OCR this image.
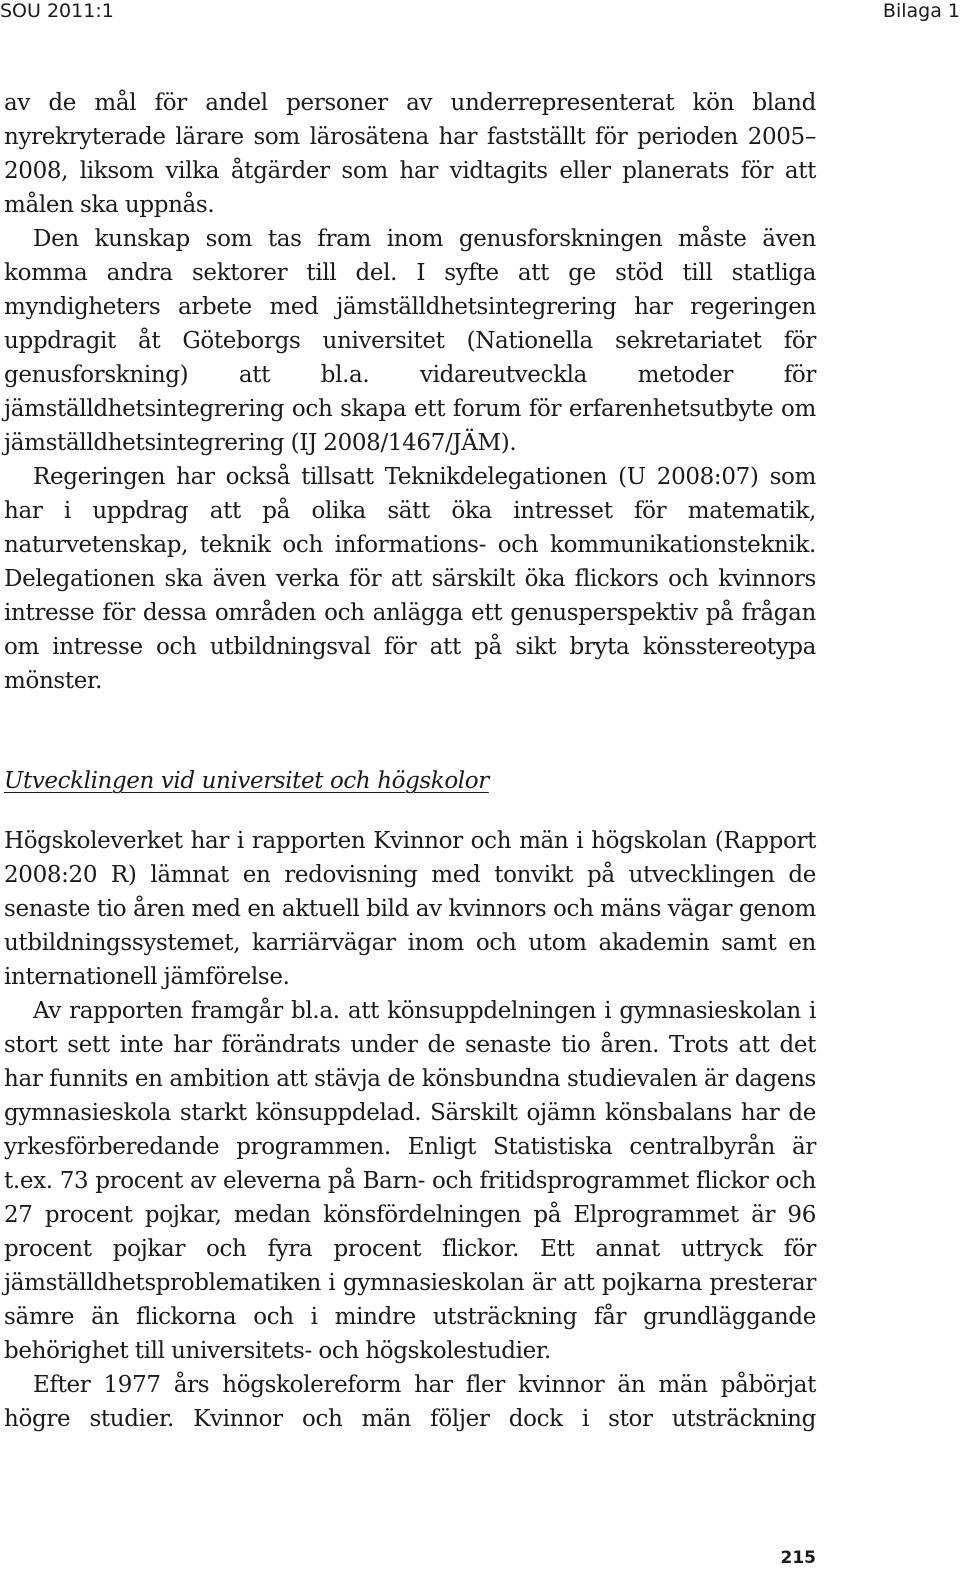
SOU 2011:1	Bilaga 1

av de mål för andel personer av underrepresenterat kön bland nyrekryterade lärare som lärosätena har fastställt för perioden 2005–2008, liksom vilka åtgärder som har vidtagits eller planerats för att målen ska uppnås.

Den kunskap som tas fram inom genusforskningen måste även komma andra sektorer till del. I syfte att ge stöd till statliga myndigheters arbete med jämställdhetsintegrering har regeringen uppdragit åt Göteborgs universitet (Nationella sekretariatet för genusforskning) att bl.a. vidareutveckla metoder för jämställdhetsintegrering och skapa ett forum för erfarenhetsutbyte om jämställdhetsintegrering (IJ 2008/1467/JÄM).

Regeringen har också tillsatt Teknikdelegationen (U 2008:07) som har i uppdrag att på olika sätt öka intresset för matematik, naturvetenskap, teknik och informations- och kommunikationsteknik. Delegationen ska även verka för att särskilt öka flickors och kvinnors intresse för dessa områden och anlägga ett genusperspektiv på frågan om intresse och utbildningsval för att på sikt bryta könsstereotypa mönster.

Utvecklingen vid universitet och högskolor

Högskoleverket har i rapporten Kvinnor och män i högskolan (Rapport 2008:20 R) lämnat en redovisning med tonvikt på utvecklingen de senaste tio åren med en aktuell bild av kvinnors och mäns vägar genom utbildningssystemet, karriärvägar inom och utom akademin samt en internationell jämförelse.

Av rapporten framgår bl.a. att könsuppdelningen i gymnasieskolan i stort sett inte har förändrats under de senaste tio åren. Trots att det har funnits en ambition att stävja de könsbundna studievalen är dagens gymnasieskola starkt könsuppdelad. Särskilt ojämn könsbalans har de yrkesförberedande programmen. Enligt Statistiska centralbyrån är t.ex. 73 procent av eleverna på Barn- och fritidsprogrammet flickor och 27 procent pojkar, medan könsfördelningen på Elprogrammet är 96 procent pojkar och fyra procent flickor. Ett annat uttryck för jämställdhetsproblematiken i gymnasieskolan är att pojkarna presterar sämre än flickorna och i mindre utsträckning får grundläggande behörighet till universitets- och högskolestudier.

Efter 1977 års högskolereform har fler kvinnor än män påbörjat högre studier. Kvinnor och män följer dock i stor utsträckning

215
